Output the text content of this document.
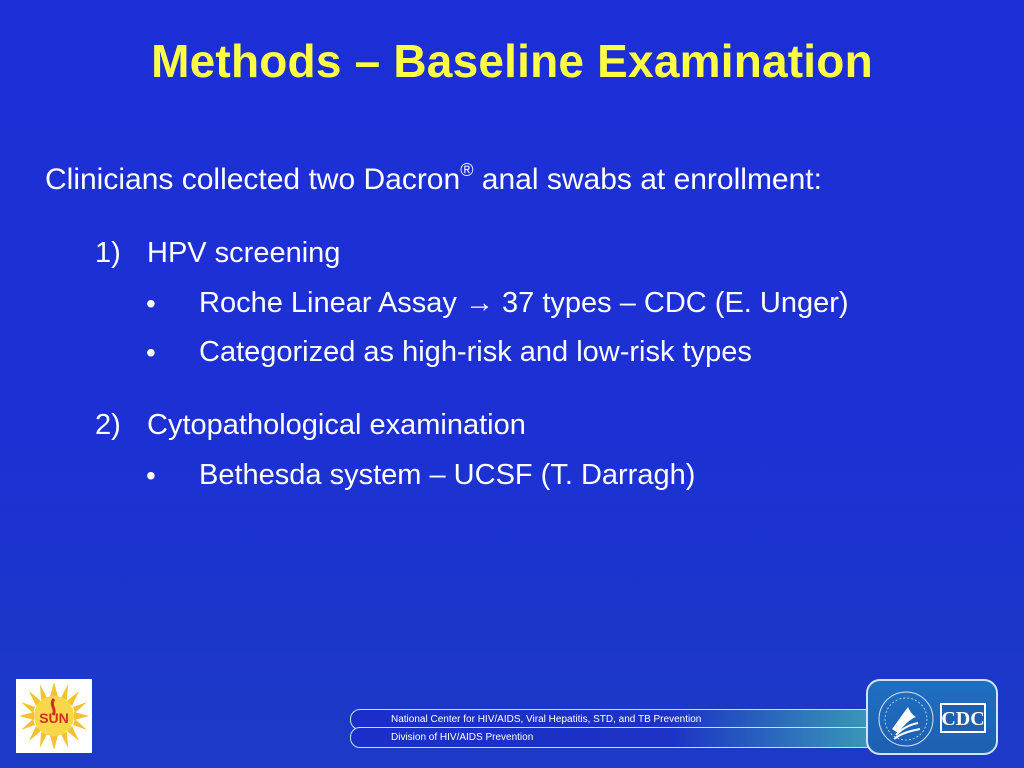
Methods – Baseline Examination
Clinicians collected two Dacron® anal swabs at enrollment:
1) HPV screening
• Roche Linear Assay → 37 types – CDC (E. Unger)
• Categorized as high-risk and low-risk types
2) Cytopathological examination
• Bethesda system – UCSF (T. Darragh)
SUN	National Center for HIV/AIDS, Viral Hepatitis, STD, and TB Prevention
Division of HIV/AIDS Prevention
CDC
